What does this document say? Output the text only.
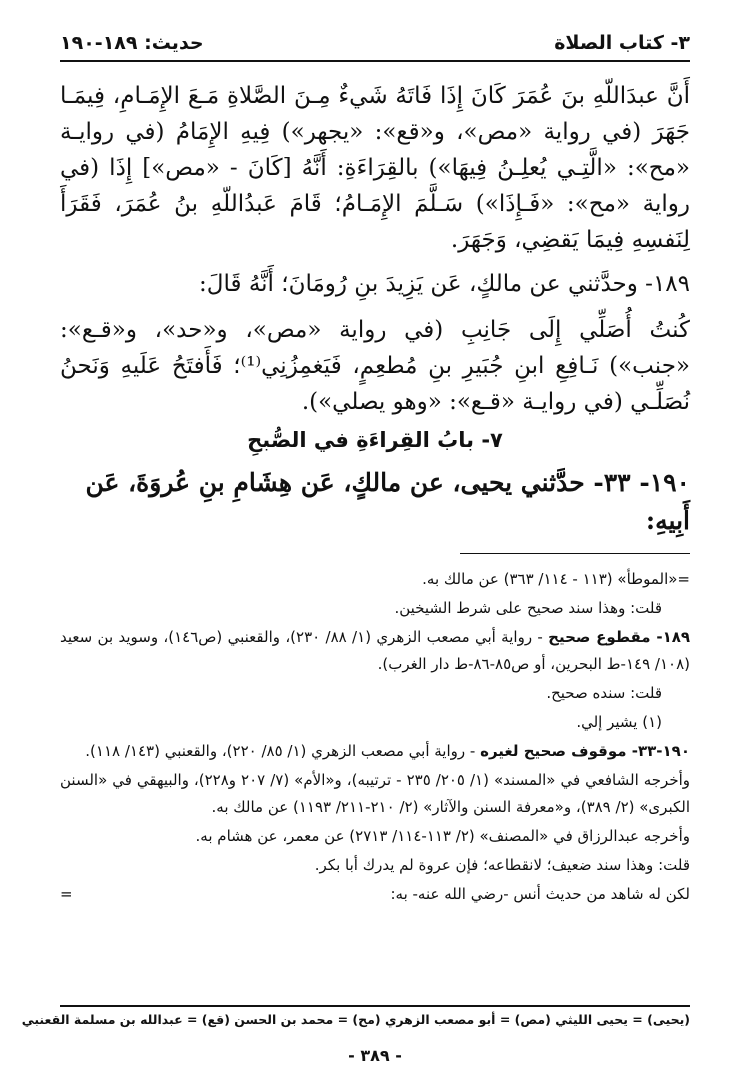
٣- كتاب الصلاة
حديث: ١٨٩-١٩٠

أَنَّ عبدَاللّهِ بنَ عُمَرَ كَانَ إِذَا فَاتَهُ شَيءٌ مِـنَ الصَّلاةِ مَـعَ الإِمَـامِ، فِيمَـا جَهَرَ (في رواية «مص»، و«قع»: «يجهر») فِيهِ الإِمَامُ (في روايـة «مح»: «الَّتِـي يُعلِـنُ فِيهَا») بالقِرَاءَةِ: أَنَّهُ [كَانَ - «مص»] إِذَا (في رواية «مح»: «فَـإِذَا») سَـلَّمَ الإِمَـامُ؛ قَامَ عَبدُاللّهِ بنُ عُمَرَ، فَقَرَأَ لِنَفسِهِ فِيمَا يَقضِي، وَجَهَرَ.

١٨٩- وحدَّثني عن مالكٍ، عَن يَزِيدَ بنِ رُومَانَ؛ أَنَّهُ قَالَ:

كُنتُ أُصَلِّي إِلَى جَانِبِ (في رواية «مص»، و«حد»، و«قـع»: «جنب») نَـافِعِ ابنِ جُبَيرِ بنِ مُطعِمٍ، فَيَغمِزُنِي⁽¹⁾؛ فَأَفتَحُ عَلَيهِ وَنَحنُ نُصَلِّـي (في روايـة «قـع»: «وهو يصلي»).

٧- بابُ القِراءَةِ في الصُّبحِ

١٩٠- ٣٣- حدَّثني يحيى، عن مالكٍ، عَن هِشَامِ بنِ عُروَةَ، عَن أَبِيهِ:

=«الموطأ» (١١٣ - ١١٤/ ٣٦٣) عن مالك به.

قلت: وهذا سند صحيح على شرط الشيخين.

١٨٩- مقطوع صحيح - رواية أبي مصعب الزهري (١/ ٨٨/ ٢٣٠)، والقعنبي (ص١٤٦)، وسويد بن سعيد (١٠٨/ ١٤٩-ط البحرين، أو ص٨٥-٨٦-ط دار الغرب).

قلت: سنده صحيح.

(١) يشير إلي.

١٩٠-٣٣- موقوف صحيح لغيره - رواية أبي مصعب الزهري (١/ ٨٥/ ٢٢٠)، والقعنبي (١٤٣/ ١١٨).

وأخرجه الشافعي في «المسند» (١/ ٢٠٥/ ٢٣٥ - ترتيبه)، و«الأم» (٧/ ٢٠٧ و٢٢٨)، والبيهقي في «السنن الكبرى» (٢/ ٣٨٩)، و«معرفة السنن والآثار» (٢/ ٢١٠-٢١١/ ١١٩٣) عن مالك به.

وأخرجه عبدالرزاق في «المصنف» (٢/ ١١٣-١١٤/ ٢٧١٣) عن معمر، عن هشام به.

قلت: وهذا سند ضعيف؛ لانقطاعه؛ فإن عروة لم يدرك أبا بكر.

لكن له شاهد من حديث أنس -رضي الله عنه- به:
=

(يحيى) = يحيى الليثي (مص) = أبو مصعب الزهري (مح) = محمد بن الحسن (قع) = عبدالله بن مسلمة القعنبي
- ٣٨٩ -
